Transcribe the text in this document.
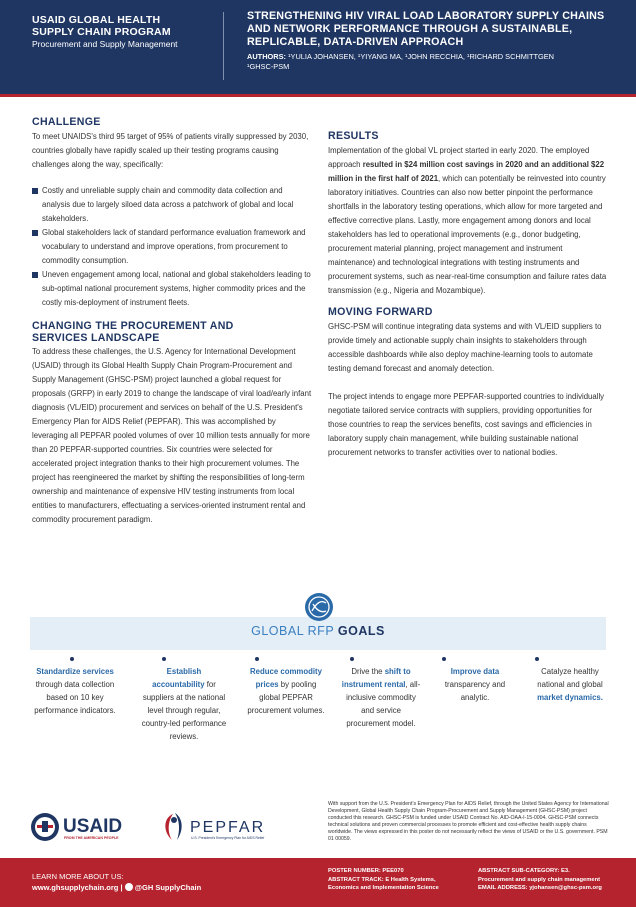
USAID GLOBAL HEALTH
SUPPLY CHAIN PROGRAM
Procurement and Supply Management
STRENGTHENING HIV VIRAL LOAD LABORATORY SUPPLY CHAINS AND NETWORK PERFORMANCE THROUGH A SUSTAINABLE, REPLICABLE, DATA-DRIVEN APPROACH
AUTHORS: ¹YULIA JOHANSEN, ¹YIYANG MA, ¹JOHN RECCHIA, ¹RICHARD SCHMITTGEN
¹GHSC-PSM
CHALLENGE

To meet UNAIDS's third 95 target of 95% of patients virally suppressed by 2030, countries globally have rapidly scaled up their testing programs causing challenges along the way, specifically:

Costly and unreliable supply chain and commodity data collection and analysis due to largely siloed data across a patchwork of global and local stakeholders.
Global stakeholders lack of standard performance evaluation framework and vocabulary to understand and improve operations, from procurement to commodity consumption.
Uneven engagement among local, national and global stakeholders leading to sub-optimal national procurement systems, higher commodity prices and the costly mis-deployment of instrument fleets.
CHANGING THE PROCUREMENT AND
SERVICES LANDSCAPE

To address these challenges, the U.S. Agency for International Development (USAID) through its Global Health Supply Chain Program-Procurement and Supply Management (GHSC-PSM) project launched a global request for proposals (GRFP) in early 2019 to change the landscape of viral load/early infant diagnosis (VL/EID) procurement and services on behalf of the U.S. President's Emergency Plan for AIDS Relief (PEPFAR). This was accomplished by leveraging all PEPFAR pooled volumes of over 10 million tests annually for more than 20 PEPFAR-supported countries. Six countries were selected for accelerated project integration thanks to their high procurement volumes. The project has reengineered the market by shifting the responsibilities of long-term ownership and maintenance of expensive HIV testing instruments from local entities to manufacturers, effectuating a services-oriented instrument rental and commodity procurement paradigm.

RESULTS

Implementation of the global VL project started in early 2020. The employed approach resulted in $24 million cost savings in 2020 and an additional $22 million in the first half of 2021, which can potentially be reinvested into country laboratory initiatives. Countries can also now better pinpoint the performance shortfalls in the laboratory testing operations, which allow for more targeted and effective corrective plans. Lastly, more engagement among donors and local stakeholders has led to operational improvements (e.g., donor budgeting, procurement material planning, project management and instrument maintenance) and technological integrations with testing instruments and procurement systems, such as near-real-time consumption and failure rates data transmission (e.g., Nigeria and Mozambique).

MOVING FORWARD

GHSC-PSM will continue integrating data systems and with VL/EID suppliers to provide timely and actionable supply chain insights to stakeholders through accessible dashboards while also deploy machine-learning tools to automate testing demand forecast and anomaly detection.

The project intends to engage more PEPFAR-supported countries to individually negotiate tailored service contracts with suppliers, providing opportunities for those countries to reap the services benefits, cost savings and efficiencies in laboratory supply chain management, while building sustainable national procurement networks to transfer activities over to national bodies.

GLOBAL RFP GOALS
Standardize services through data collection based on 10 key performance indicators.
Establish accountability for suppliers at the national level through regular, country-led performance reviews.
Reduce commodity prices by pooling global PEPFAR procurement volumes.
Drive the shift to instrument rental, all-inclusive commodity and service procurement model.
Improve data transparency and analytic.
Catalyze healthy national and global market dynamics.
USAID
FROM THE AMERICAN PEOPLE
PEPFAR
U.S. President's Emergency Plan for AIDS Relief
With support from the U.S. President's Emergency Plan for AIDS Relief, through the United States Agency for International Development, Global Health Supply Chain Program-Procurement and Supply Management (GHSC-PSM) project conducted this research. GHSC-PSM is funded under USAID Contract No. AID-OAA-I-15-0004. GHSC-PSM connects technical solutions and proven commercial processes to promote efficient and cost-effective health supply chains worldwide. The views expressed in this poster do not necessarily reflect the views of USAID or the U.S. government. PSM 01 00059.
LEARN MORE ABOUT US:
www.ghsupplychain.org | @GH SupplyChain
POSTER NUMBER: PEE070
ABSTRACT TRACK: E Health Systems,
Economics and Implementation Science
ABSTRACT SUB-CATEGORY: E3.
Procurement and supply chain management
EMAIL ADDRESS: yjohansen@ghsc-psm.org
